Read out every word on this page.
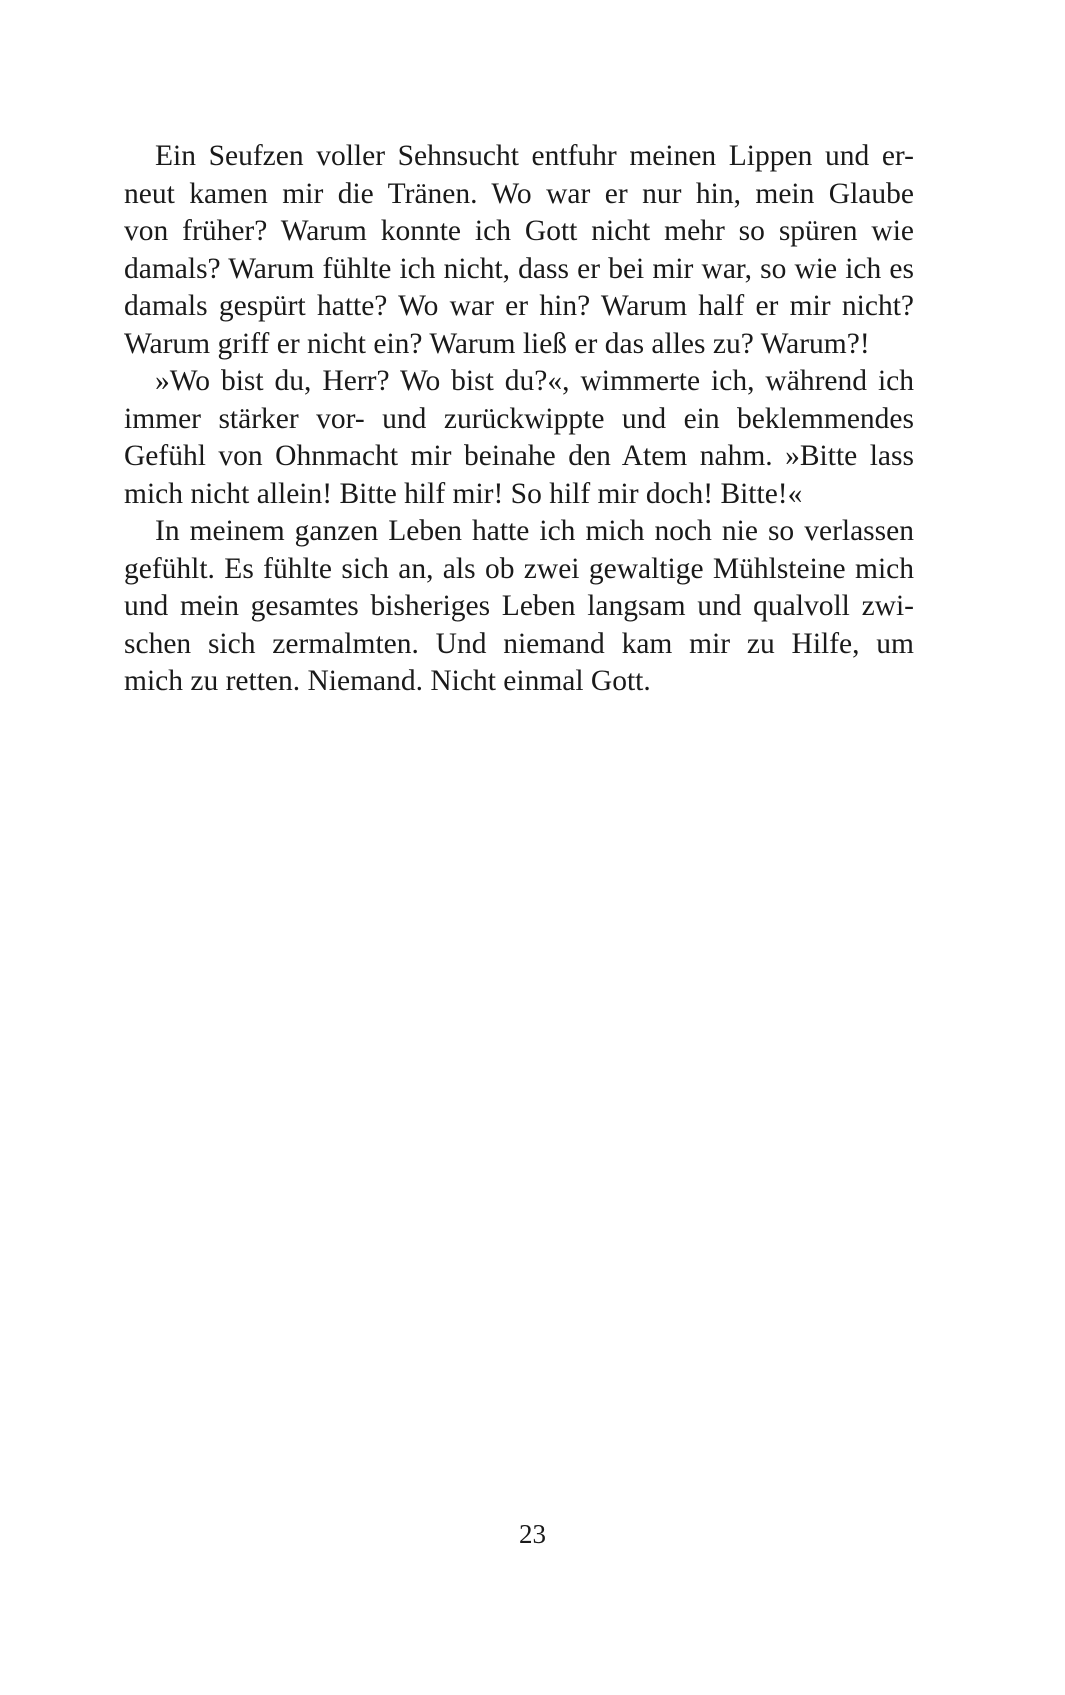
Ein Seufzen voller Sehnsucht entfuhr meinen Lippen und er-
neut kamen mir die Tränen. Wo war er nur hin, mein Glaube
von früher? Warum konnte ich Gott nicht mehr so spüren wie
damals? Warum fühlte ich nicht, dass er bei mir war, so wie ich es
damals gespürt hatte? Wo war er hin? Warum half er mir nicht?
Warum griff er nicht ein? Warum ließ er das alles zu? Warum?!
»Wo bist du, Herr? Wo bist du?«, wimmerte ich, während ich
immer stärker vor- und zurückwippte und ein beklemmendes
Gefühl von Ohnmacht mir beinahe den Atem nahm. »Bitte lass
mich nicht allein! Bitte hilf mir! So hilf mir doch! Bitte!«
In meinem ganzen Leben hatte ich mich noch nie so verlassen
gefühlt. Es fühlte sich an, als ob zwei gewaltige Mühlsteine mich
und mein gesamtes bisheriges Leben langsam und qualvoll zwi-
schen sich zermalmten. Und niemand kam mir zu Hilfe, um
mich zu retten. Niemand. Nicht einmal Gott.
23
